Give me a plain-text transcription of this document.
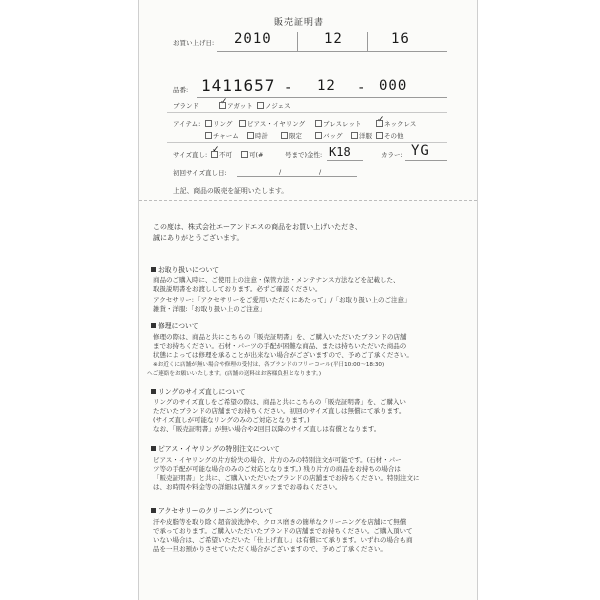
販売証明書
お買い上げ日: 2010	12	16
品番: 1411657 - 12 - 000
ブランド ✓ アガット	ノジェス
アイテム:	リング	ピアス・イヤリング	ブレスレット ✓ ネックレス
チャーム	時計	限定	バッグ	洋服	その他
サイズ直し: ✓ 不可	可(#	号まで) 金性: K18	カラー: YG
初回サイズ直し日:	/	/
上記、商品の販売を証明いたします。
この度は、株式会社エーアンドエスの商品をお買い上げいただき、
誠にありがとうございます。
お取り扱いについて
商品のご購入時に、ご使用上の注意・保管方法・メンテナンス方法などを記載した、
取扱説明書をお渡ししております。必ずご確認ください。
アクセサリー:「アクセサリーをご愛用いただくにあたって」/「お取り扱い上のご注意」
雑貨・洋服:「お取り扱い上のご注意」
修理について
修理の際は、商品と共にこちらの「販売証明書」を、ご購入いただいたブランドの店舗
までお持ちください。石材・パーツの手配が困難な商品、または持ちいただいた商品の
状態によっては修理を承ることが出来ない場合がございますので、予めご了承ください。
※お近くに店舗が無い場合や修理の受付は、各ブランドのフリーコール(平日10:00〜18:30)
へご連絡をお願いいたします。(店舗の送料はお客様負担となります。)
リングのサイズ直しについて
リングのサイズ直しをご希望の際は、商品と共にこちらの「販売証明書」を、ご購入い
ただいたブランドの店舗までお持ちください。初回のサイズ直しは無償にて承ります。
(サイズ直しが可能なリングのみのご対応となります。)
なお、「販売証明書」が無い場合や2回目以降のサイズ直しは有償となります。
ピアス・イヤリングの特別注文について
ピアス・イヤリングの片方紛失の場合、片方のみの特別注文が可能です。(石材・パー
ツ等の手配が可能な場合のみのご対応となります。) 残り片方の商品をお持ちの場合は
「販売証明書」と共に、ご購入いただいたブランドの店舗までお持ちください。特別注文に
は、お時間や料金等の詳細は店舗スタッフまでお尋ねください。
アクセサリーのクリーニングについて
汗や皮脂等を取り除く超音波洗浄や、クロス磨きの簡単なクリーニングを店舗にて無償
で承っております。ご購入いただいたブランドの店舗までお持ちください。ご購入頂いて
いない場合は、ご希望いただいた「仕上げ直し」は有償にて承ります。いずれの場合も商
品を一旦お預かりさせていただく場合がございますので、予めご了承ください。
